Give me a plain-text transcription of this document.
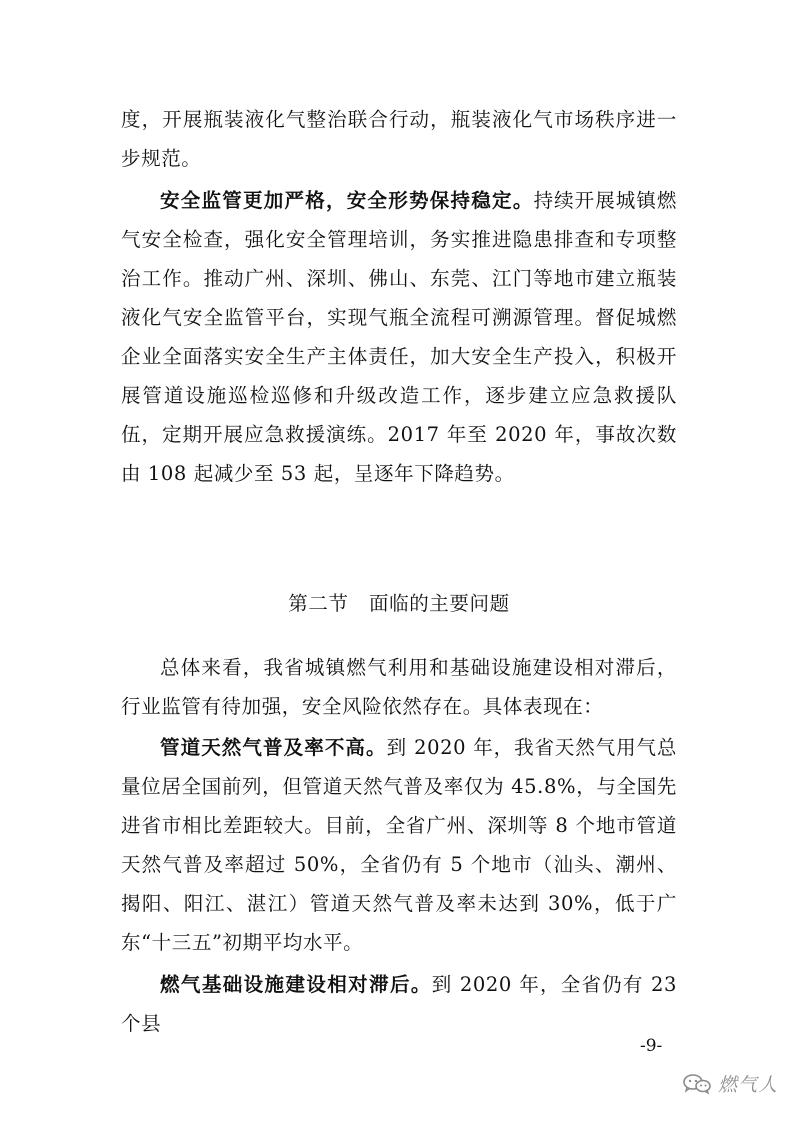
度，开展瓶装液化气整治联合行动，瓶装液化气市场秩序进一步规范。

安全监管更加严格，安全形势保持稳定。持续开展城镇燃气安全检查，强化安全管理培训，务实推进隐患排查和专项整治工作。推动广州、深圳、佛山、东莞、江门等地市建立瓶装液化气安全监管平台，实现气瓶全流程可溯源管理。督促城燃企业全面落实安全生产主体责任，加大安全生产投入，积极开展管道设施巡检巡修和升级改造工作，逐步建立应急救援队伍，定期开展应急救援演练。2017 年至 2020 年，事故次数由 108 起减少至 53 起，呈逐年下降趋势。

第二节   面临的主要问题

总体来看，我省城镇燃气利用和基础设施建设相对滞后，行业监管有待加强，安全风险依然存在。具体表现在：

管道天然气普及率不高。到 2020 年，我省天然气用气总量位居全国前列，但管道天然气普及率仅为 45.8%，与全国先进省市相比差距较大。目前，全省广州、深圳等 8 个地市管道天然气普及率超过 50%，全省仍有 5 个地市（汕头、潮州、揭阳、阳江、湛江）管道天然气普及率未达到 30%，低于广东“十三五”初期平均水平。

燃气基础设施建设相对滞后。到 2020 年，全省仍有 23 个县

-9-
燃气人
